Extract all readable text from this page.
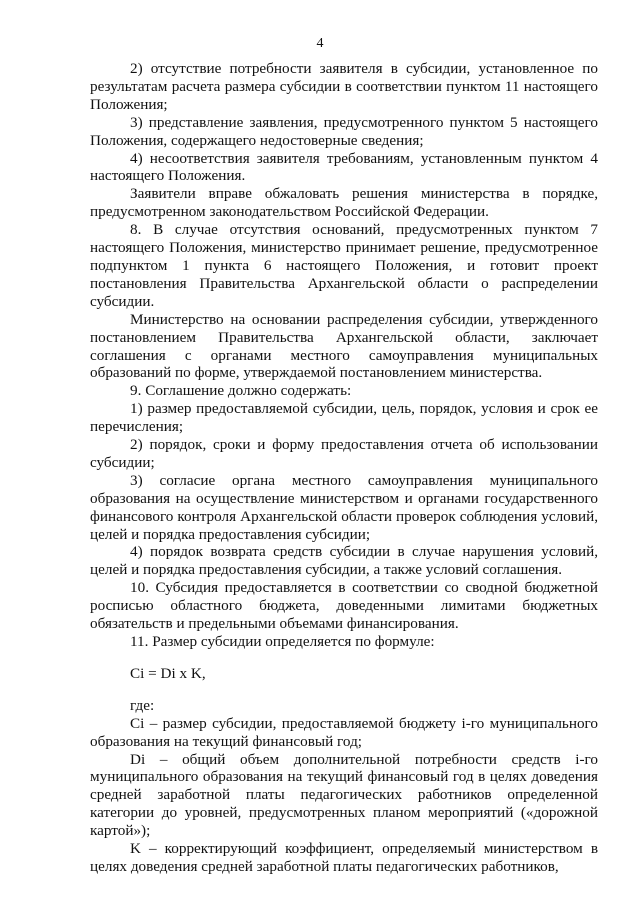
4

2) отсутствие потребности заявителя в субсидии, установленное по результатам расчета размера субсидии в соответствии пунктом 11 настоящего Положения;

3) представление заявления, предусмотренного пунктом 5 настоящего Положения, содержащего недостоверные сведения;

4) несоответствия заявителя требованиям, установленным пунктом 4 настоящего Положения.

Заявители вправе обжаловать решения министерства в порядке, предусмотренном законодательством Российской Федерации.

8. В случае отсутствия оснований, предусмотренных пунктом 7 настоящего Положения, министерство принимает решение, предусмотренное подпунктом 1 пункта 6 настоящего Положения, и готовит проект постановления Правительства Архангельской области о распределении субсидии.

Министерство на основании распределения субсидии, утвержденного постановлением Правительства Архангельской области, заключает соглашения с органами местного самоуправления муниципальных образований по форме, утверждаемой постановлением министерства.

9. Соглашение должно содержать:

1) размер предоставляемой субсидии, цель, порядок, условия и срок ее перечисления;

2) порядок, сроки и форму предоставления отчета об использовании субсидии;

3) согласие органа местного самоуправления муниципального образования на осуществление министерством и органами государственного финансового контроля Архангельской области проверок соблюдения условий, целей и порядка предоставления субсидии;

4) порядок возврата средств субсидии в случае нарушения условий, целей и порядка предоставления субсидии, а также условий соглашения.

10. Субсидия предоставляется в соответствии со сводной бюджетной росписью областного бюджета, доведенными лимитами бюджетных обязательств и предельными объемами финансирования.

11. Размер субсидии определяется по формуле:

Ci = Di х K,

где:

Ci – размер субсидии, предоставляемой бюджету i-го муниципального образования на текущий финансовый год;

Di – общий объем дополнительной потребности средств i-го муниципального образования на текущий финансовый год в целях доведения средней заработной платы педагогических работников определенной категории до уровней, предусмотренных планом мероприятий («дорожной картой»);

K – корректирующий коэффициент, определяемый министерством в целях доведения средней заработной платы педагогических работников,
